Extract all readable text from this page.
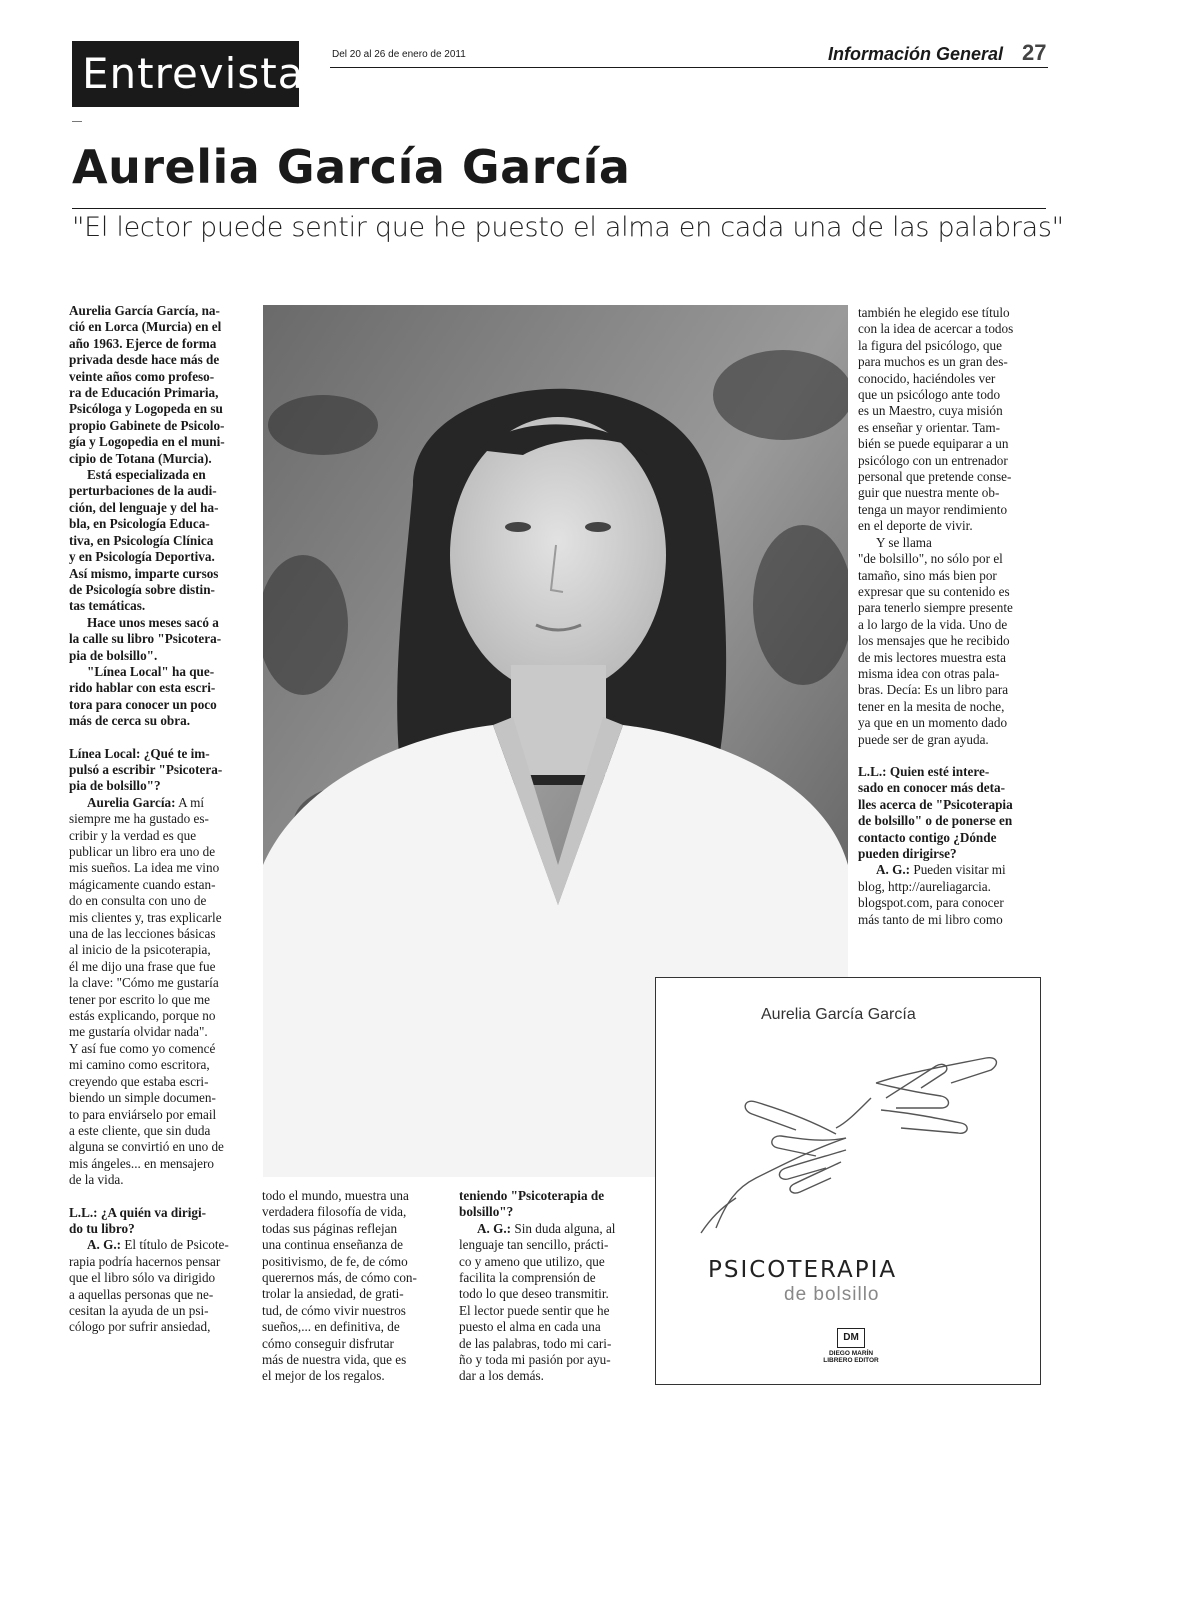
Entrevista	Del 20 al 26 de enero de 2011	Información General 27
Aurelia García García
"El lector puede sentir que he puesto el alma en cada una de las palabras"

Aurelia García García, na-

ció en Lorca (Murcia) en el

año 1963. Ejerce de forma

privada desde hace más de

veinte años como profeso-

ra de Educación Primaria,

Psicóloga y Logopeda en su

propio Gabinete de Psicolo-

gía y Logopedia en el muni-

cipio de Totana (Murcia).

Está especializada en

perturbaciones de la audi-

ción, del lenguaje y del ha-

bla, en Psicología Educa-

tiva, en Psicología Clínica

y en Psicología Deportiva.

Así mismo, imparte cursos

de Psicología sobre distin-

tas temáticas.

Hace unos meses sacó a

la calle su libro "Psicotera-

pia de bolsillo".

"Línea Local" ha que-

rido hablar con esta escri-

tora para conocer un poco

más de cerca su obra.

Línea Local: ¿Qué te im-

pulsó a escribir "Psicotera-

pia de bolsillo"?

Aurelia García: A mí

siempre me ha gustado es-

cribir y la verdad es que

publicar un libro era uno de

mis sueños. La idea me vino

mágicamente cuando estan-

do en consulta con uno de

mis clientes y, tras explicarle

una de las lecciones básicas

al inicio de la psicoterapia,

él me dijo una frase que fue

la clave: "Cómo me gustaría

tener por escrito lo que me

estás explicando, porque no

me gustaría olvidar nada".

Y así fue como yo comencé

mi camino como escritora,

creyendo que estaba escri-

biendo un simple documen-

to para enviárselo por email

a este cliente, que sin duda

alguna se convirtió en uno de

mis ángeles... en mensajero

de la vida.

L.L.: ¿A quién va dirigi-

do tu libro?

A. G.: El título de Psicote-

rapia podría hacernos pensar

que el libro sólo va dirigido

a aquellas personas que ne-

cesitan la ayuda de un psi-

cólogo por sufrir ansiedad,

todo el mundo, muestra una

verdadera filosofía de vida,

todas sus páginas reflejan

una continua enseñanza de

positivismo, de fe, de cómo

querernos más, de cómo con-

trolar la ansiedad, de grati-

tud, de cómo vivir nuestros

sueños,... en definitiva, de

cómo conseguir disfrutar

más de nuestra vida, que es

el mejor de los regalos.

teniendo "Psicoterapia de

bolsillo"?

A. G.: Sin duda alguna, al

lenguaje tan sencillo, prácti-

co y ameno que utilizo, que

facilita la comprensión de

todo lo que deseo transmitir.

El lector puede sentir que he

puesto el alma en cada una

de las palabras, todo mi cari-

ño y toda mi pasión por ayu-

dar a los demás.

también he elegido ese título

con la idea de acercar a todos

la figura del psicólogo, que

para muchos es un gran des-

conocido, haciéndoles ver

que un psicólogo ante todo

es un Maestro, cuya misión

es enseñar y orientar. Tam-

bién se puede equiparar a un

psicólogo con un entrenador

personal que pretende conse-

guir que nuestra mente ob-

tenga un mayor rendimiento

en el deporte de vivir.

Y se llama

"de bolsillo", no sólo por el

tamaño, sino más bien por

expresar que su contenido es

para tenerlo siempre presente

a lo largo de la vida. Uno de

los mensajes que he recibido

de mis lectores muestra esta

misma idea con otras pala-

bras. Decía: Es un libro para

tener en la mesita de noche,

ya que en un momento dado

puede ser de gran ayuda.

L.L.: Quien esté intere-

sado en conocer más deta-

lles acerca de "Psicoterapia

de bolsillo" o de ponerse en

contacto contigo ¿Dónde

pueden dirigirse?

A. G.: Pueden visitar mi

blog, http://aureliagarcia.

blogspot.com, para conocer

más tanto de mi libro como

Aurelia García García
PSICOTERAPIA
de bolsillo
DM
DIEGO MARÍN
LIBRERO EDITOR
